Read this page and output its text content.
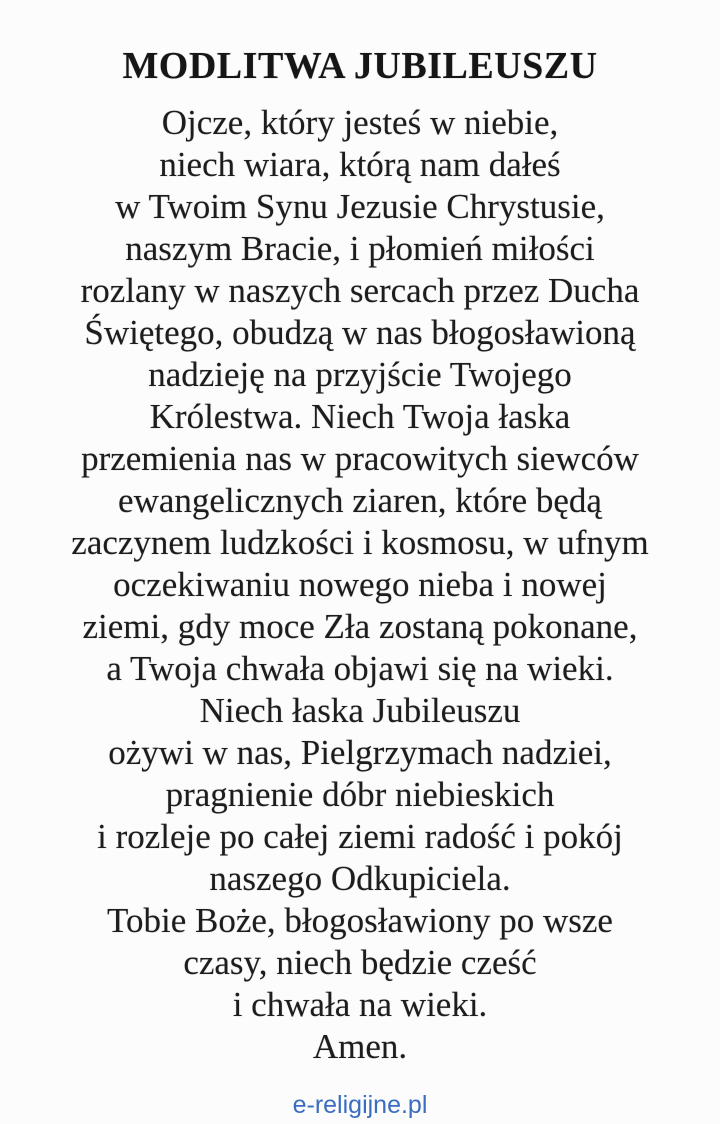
MODLITWA JUBILEUSZU
Ojcze, który jesteś w niebie,
niech wiara, którą nam dałeś
w Twoim Synu Jezusie Chrystusie,
naszym Bracie, i płomień miłości
rozlany w naszych sercach przez Ducha
Świętego, obudzą w nas błogosławioną
nadzieję na przyjście Twojego
Królestwa. Niech Twoja łaska
przemienia nas w pracowitych siewców
ewangelicznych ziaren, które będą
zaczynem ludzkości i kosmosu, w ufnym
oczekiwaniu nowego nieba i nowej
ziemi, gdy moce Zła zostaną pokonane,
a Twoja chwała objawi się na wieki.
Niech łaska Jubileuszu
ożywi w nas, Pielgrzymach nadziei,
pragnienie dóbr niebieskich
i rozleje po całej ziemi radość i pokój
naszego Odkupiciela.
Tobie Boże, błogosławiony po wsze
czasy, niech będzie cześć
i chwała na wieki.
Amen.
e-religijne.pl
